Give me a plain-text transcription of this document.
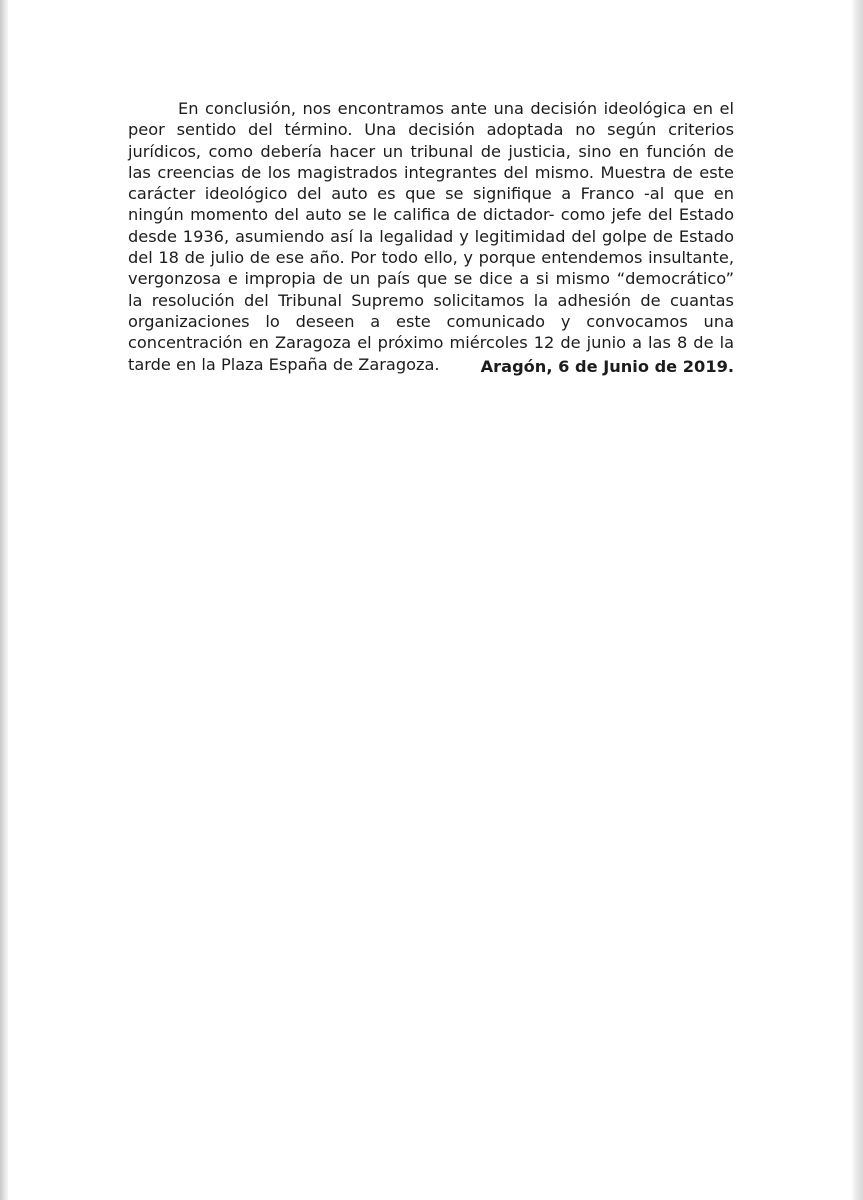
En conclusión, nos encontramos ante una decisión ideológica en el peor sentido del término. Una decisión adoptada no según criterios jurídicos, como debería hacer un tribunal de justicia, sino en función de las creencias de los magistrados integrantes del mismo. Muestra de este carácter ideológico del auto es que se signifique a Franco -al que en ningún momento del auto se le califica de dictador- como jefe del Estado desde 1936, asumiendo así la legalidad y legitimidad del golpe de Estado del 18 de julio de ese año. Por todo ello, y porque entendemos insultante, vergonzosa e impropia de un país que se dice a si mismo “democrático” la resolución del Tribunal Supremo solicitamos la adhesión de cuantas organizaciones lo deseen a este comunicado y convocamos una concentración en Zaragoza el próximo miércoles 12 de junio a las 8 de la tarde en la Plaza España de Zaragoza.	Aragón, 6 de Junio de 2019.
